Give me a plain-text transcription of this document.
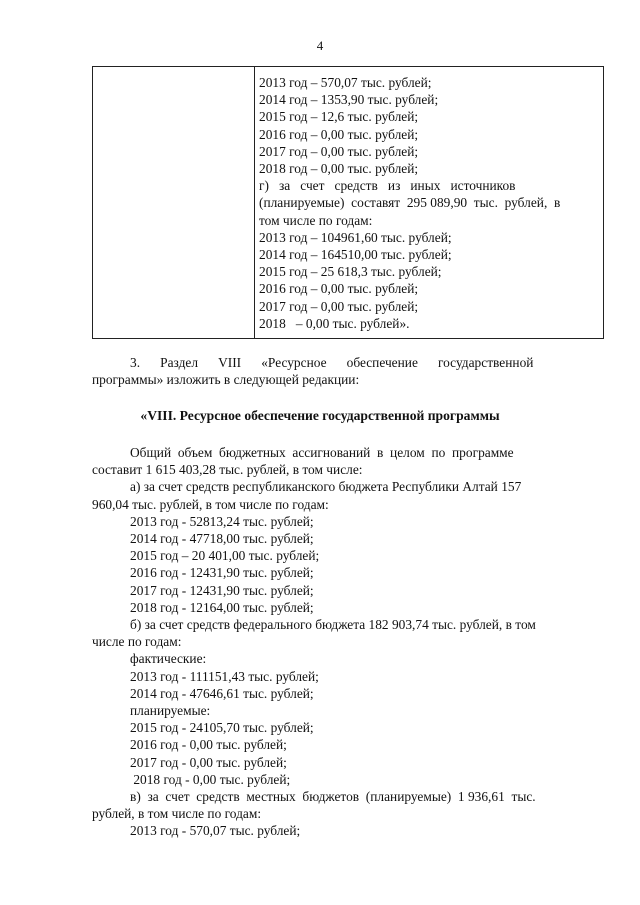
4
2013 год – 570,07 тыс. рублей;
2014 год – 1353,90 тыс. рублей;
2015 год – 12,6 тыс. рублей;
2016 год – 0,00 тыс. рублей;
2017 год – 0,00 тыс. рублей;
2018 год – 0,00 тыс. рублей;
г)   за   счет   средств   из   иных   источников
(планируемые)  составят  295 089,90  тыс.  рублей,  в
том числе по годам:
2013 год – 104961,60 тыс. рублей;
2014 год – 164510,00 тыс. рублей;
2015 год – 25 618,3 тыс. рублей;
2016 год – 0,00 тыс. рублей;
2017 год – 0,00 тыс. рублей;
2018   – 0,00 тыс. рублей».
3.      Раздел      VIII      «Ресурсное      обеспечение      государственной
программы» изложить в следующей редакции:
«VIII. Ресурсное обеспечение государственной программы
Общий  объем  бюджетных  ассигнований  в  целом  по  программе
составит 1 615 403,28 тыс. рублей, в том числе:
а) за счет средств республиканского бюджета Республики Алтай 157
960,04 тыс. рублей, в том числе по годам:
2013 год - 52813,24 тыс. рублей;
2014 год - 47718,00 тыс. рублей;
2015 год – 20 401,00 тыс. рублей;
2016 год - 12431,90 тыс. рублей;
2017 год - 12431,90 тыс. рублей;
2018 год - 12164,00 тыс. рублей;
б) за счет средств федерального бюджета 182 903,74 тыс. рублей, в том
числе по годам:
фактические:
2013 год - 111151,43 тыс. рублей;
2014 год - 47646,61 тыс. рублей;
планируемые:
2015 год - 24105,70 тыс. рублей;
2016 год - 0,00 тыс. рублей;
2017 год - 0,00 тыс. рублей;
2018 год - 0,00 тыс. рублей;
в)  за  счет  средств  местных  бюджетов  (планируемые)  1 936,61  тыс.
рублей, в том числе по годам:
2013 год - 570,07 тыс. рублей;
